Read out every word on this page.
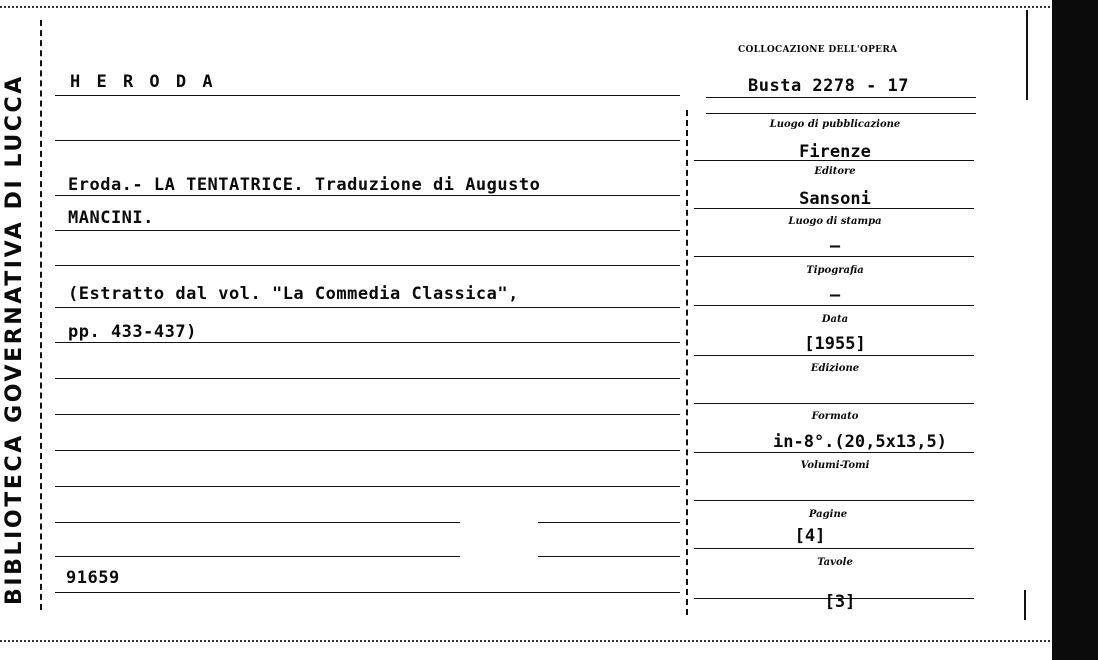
BIBLIOTECA GOVERNATIVA DI LUCCA	H E R O D A
Eroda.- LA TENTATRICE. Traduzione di Augusto
MANCINI.
(Estratto dal vol. "La Commedia Classica",
pp. 433-437)
91659
COLLOCAZIONE DELL'OPERA
Busta 2278 - 17
Luogo di pubblicazione
Firenze
Editore
Sansoni
Luogo di stampa
–
Tipografia
–
Data
[1955]
Edizione
Formato
in-8°.(20,5x13,5)
Volumi-Tomi
Pagine
[4]
Tavole
[3]
